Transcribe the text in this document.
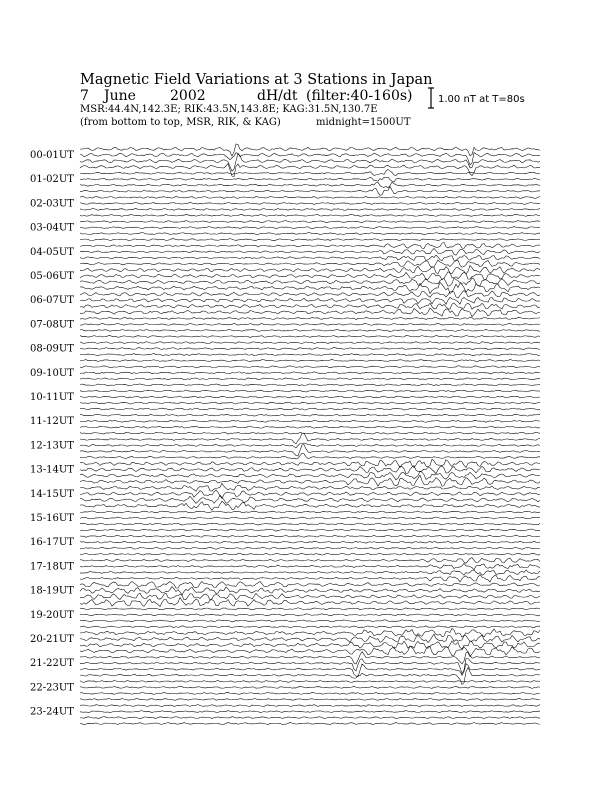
Magnetic Field Variations at 3 Stations in Japan
7 June 2002	dH/dt (filter:40-160s)
MSR:44.4N,142.3E; RIK:43.5N,143.8E; KAG:31.5N,130.7E
(from bottom to top, MSR, RIK, & KAG)	midnight=1500UT
1.00 nT at T=80s
00-01UT
01-02UT
02-03UT
03-04UT
04-05UT
05-06UT
06-07UT
07-08UT
08-09UT
09-10UT
10-11UT
11-12UT
12-13UT
13-14UT
14-15UT
15-16UT
16-17UT
17-18UT
18-19UT
19-20UT
20-21UT
21-22UT
22-23UT
23-24UT
